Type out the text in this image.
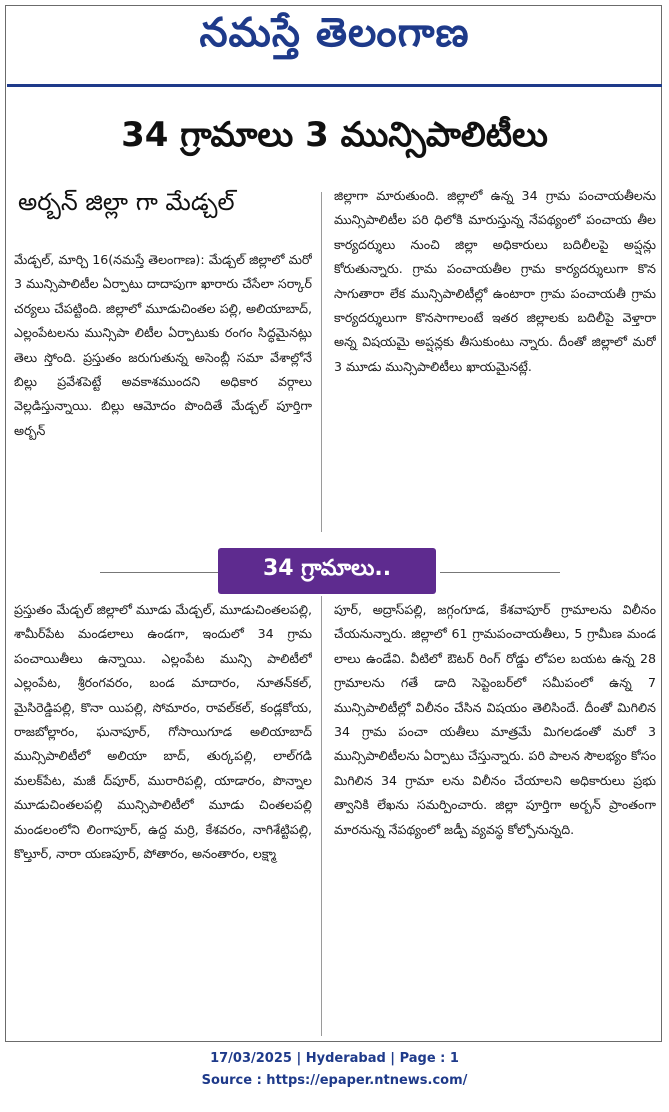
నమస్తే తెలంగాణ
34 గ్రామాలు 3 మున్సిపాలిటీలు
అర్బన్ జిల్లా గా మేడ్చల్

మేడ్చల్, మార్చి 16(నమస్తే తెలంగాణ): మేడ్చల్ జిల్లాలో మరో 3 మున్సిపాలిటీల ఏర్పాటు దాదాపుగా ఖారారు చేసేలా సర్కార్ చర్యలు చేపట్టింది. జిల్లాలో మూడుచింతల పల్లి, అలియాబాద్, ఎల్లంపేటలను మున్సిపా లిటీల ఏర్పాటుకు రంగం సిద్ధమైనట్లు తెలు స్తోంది. ప్రస్తుతం జరుగుతున్న అసెంబ్లీ సమా వేశాల్లోనే బిల్లు ప్రవేశపెట్టే అవకాశముందని అధికార వర్గాలు వెల్లడిస్తున్నాయి. బిల్లు ఆమోదం పొందితే మేడ్చల్ పూర్తిగా అర్బన్

జిల్లాగా మారుతుంది. జిల్లాలో ఉన్న 34 గ్రామ పంచాయతీలను మున్సిపాలిటీల పరి ధిలోకి మారుస్తున్న నేపథ్యంలో పంచాయ తీల కార్యదర్శులు నుంచి జిల్లా అధికారులు బదిలీలపై అప్షన్లు కోరుతున్నారు. గ్రామ పంచాయతీల గ్రామ కార్యదర్శులుగా కొన సాగుతారా లేక మున్సిపాలిటీల్లో ఉంటారా గ్రామ పంచాయతీ గ్రామ కార్యదర్శులుగా కొనసాగాలంటే ఇతర జిల్లాలకు బదిలీపై వెళ్తారా అన్న విషయమై అప్షన్లకు తీసుకుంటు న్నారు. దీంతో జిల్లాలో మరో 3 మూడు మున్సిపాలిటీలు ఖాయమైనట్లే.

34 గ్రామాలు..

ప్రస్తుతం మేడ్చల్ జిల్లాలో మూడు మేడ్చల్, మూడుచింతలపల్లి, శామీర్‌పేట మండలాలు ఉండగా, ఇందులో 34 గ్రామ పంచాయితీలు ఉన్నాయి. ఎల్లంపేట మున్సి పాలిటీలో ఎల్లంపేట, శ్రీరంగవరం, బండ మాదారం, నూతన్‌కల్, మైసిరెడ్డిపల్లి, కొనా యిపల్లి, సోమారం, రావల్‌కల్, కండ్లకోయ, రాజబోల్లారం, ఘనాపూర్, గోసాయిగూడ అలియాబాద్ మున్సిపాలిటీలో అలియా బాద్, తుర్కపల్లి, లాల్‌గడి మలక్‌పేట, మజీ ద్‌పూర్, మురారిపల్లి, యాడారం, పొన్నాల మూడుచింతలపల్లి మున్సిపాలిటీలో మూడు చింతలపల్లి మండలంలోని లింగాపూర్, ఉద్ద మర్రి, కేశవరం, నాగిశేట్టిపల్లి, కొల్తూర్, నారా యణపూర్, పోతారం, అనంతారం, లక్ష్మా

పూర్, అద్రాస్‌పల్లి, జగ్గంగూడ, కేశవాపూర్ గ్రామాలను విలీనం చేయనున్నారు. జిల్లాలో 61 గ్రామపంచాయతీలు, 5 గ్రామీణ మండ లాలు ఉండేవి. వీటిలో ఔటర్ రింగ్ రోడ్డు లోపల బయట ఉన్న 28 గ్రామాలను గతే డాది సెప్టెంబర్‌లో సమీపంలో ఉన్న 7 మున్సిపాలిటీల్లో విలీనం చేసిన విషయం తెలిసిందే. దీంతో మిగిలిన 34 గ్రామ పంచా యతీలు మాత్రమే మిగలడంతో మరో 3 మున్సిపాలిటీలను ఏర్పాటు చేస్తున్నారు. పరి పాలన సౌలభ్యం కోసం మిగిలిన 34 గ్రామా లను విలీనం చేయాలని అధికారులు ప్రభు త్వానికి లేఖను సమర్పించారు. జిల్లా పూర్తిగా అర్బన్ ప్రాంతంగా మారనున్న నేపథ్యంలో జడ్పీ వ్యవస్థ కోల్పోనున్నది.

17/03/2025 | Hyderabad | Page : 1
Source : https://epaper.ntnews.com/
